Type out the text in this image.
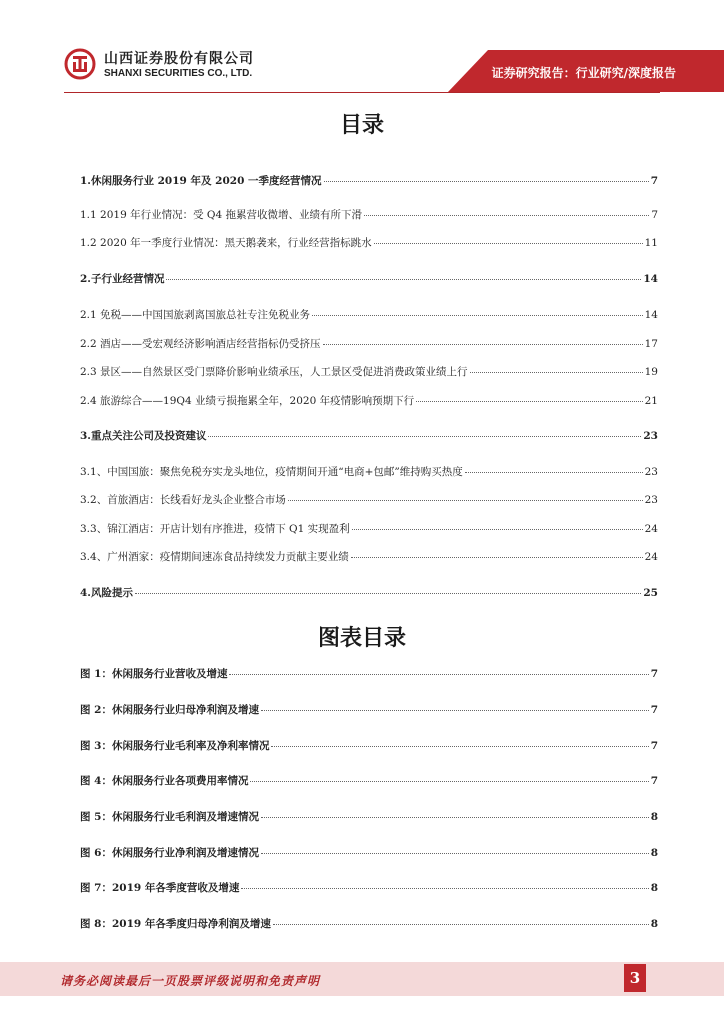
山西证券股份有限公司
SHANXI SECURITIES CO., LTD.	证券研究报告：行业研究/深度报告
目录
1.休闲服务行业 2019 年及 2020 一季度经营情况	7
1.1 2019 年行业情况：受 Q4 拖累营收微增、业绩有所下滑	7
1.2 2020 年一季度行业情况：黑天鹅袭来，行业经营指标跳水	11
2.子行业经营情况	14
2.1 免税——中国国旅剥离国旅总社专注免税业务	14
2.2 酒店——受宏观经济影响酒店经营指标仍受挤压	17
2.3 景区——自然景区受门票降价影响业绩承压，人工景区受促进消费政策业绩上行	19
2.4 旅游综合——19Q4 业绩亏损拖累全年，2020 年疫情影响预期下行	21
3.重点关注公司及投资建议	23
3.1、中国国旅：聚焦免税夯实龙头地位，疫情期间开通“电商+包邮”维持购买热度	23
3.2、首旅酒店：长线看好龙头企业整合市场	23
3.3、锦江酒店：开店计划有序推进，疫情下 Q1 实现盈利	24
3.4、广州酒家：疫情期间速冻食品持续发力贡献主要业绩	24
4.风险提示	25
图表目录
图 1：休闲服务行业营收及增速	7
图 2：休闲服务行业归母净利润及增速	7
图 3：休闲服务行业毛利率及净利率情况	7
图 4：休闲服务行业各项费用率情况	7
图 5：休闲服务行业毛利润及增速情况	8
图 6：休闲服务行业净利润及增速情况	8
图 7：2019 年各季度营收及增速	8
图 8：2019 年各季度归母净利润及增速	8
请务必阅读最后一页股票评级说明和免责声明	3
